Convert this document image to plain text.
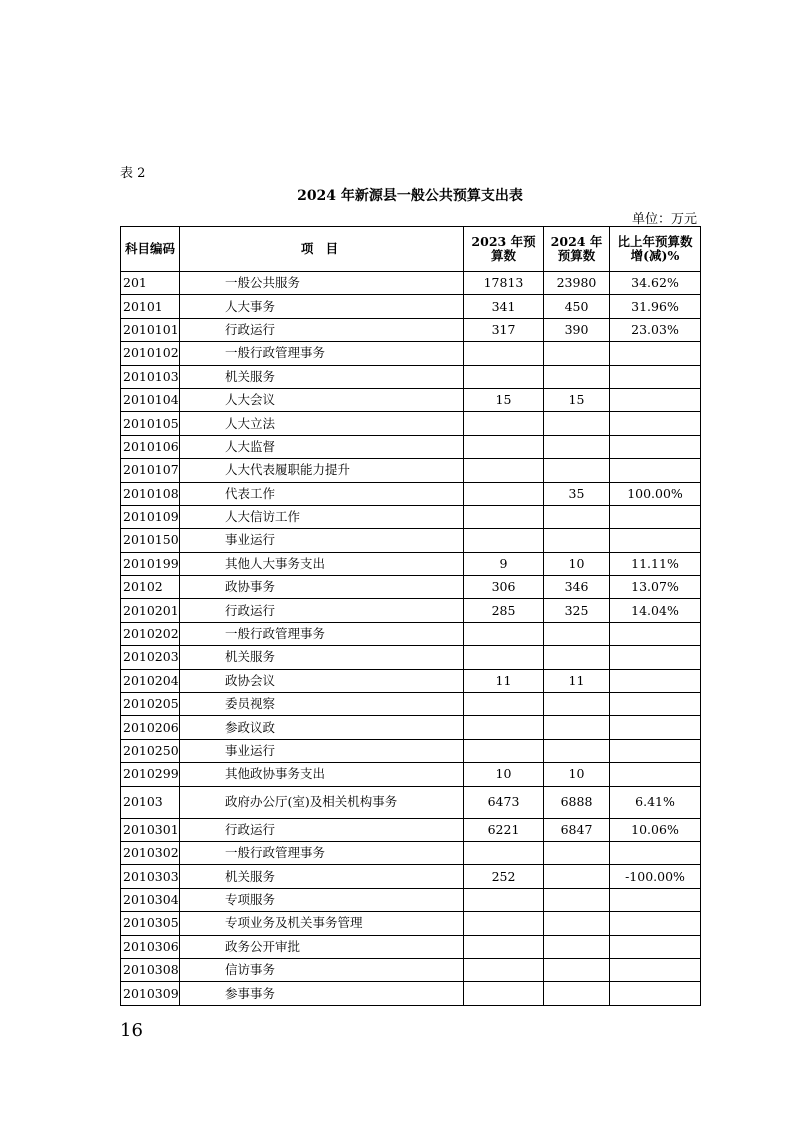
表 2
2024 年新源县一般公共预算支出表
单位：万元
科目编码	项 目	2023 年预算数	2024 年预算数	比上年预算数增(减)%
201	一般公共服务	17813	23980	34.62%
20101	人大事务	341	450	31.96%
2010101	行政运行	317	390	23.03%
2010102	一般行政管理事务			
2010103	机关服务			
2010104	人大会议	15	15	
2010105	人大立法			
2010106	人大监督			
2010107	人大代表履职能力提升			
2010108	代表工作		35	100.00%
2010109	人大信访工作			
2010150	事业运行			
2010199	其他人大事务支出	9	10	11.11%
20102	政协事务	306	346	13.07%
2010201	行政运行	285	325	14.04%
2010202	一般行政管理事务			
2010203	机关服务			
2010204	政协会议	11	11	
2010205	委员视察			
2010206	参政议政			
2010250	事业运行			
2010299	其他政协事务支出	10	10	
20103	政府办公厅(室)及相关机构事务	6473	6888	6.41%
2010301	行政运行	6221	6847	10.06%
2010302	一般行政管理事务			
2010303	机关服务	252		-100.00%
2010304	专项服务			
2010305	专项业务及机关事务管理			
2010306	政务公开审批			
2010308	信访事务			
2010309	参事事务			
16
